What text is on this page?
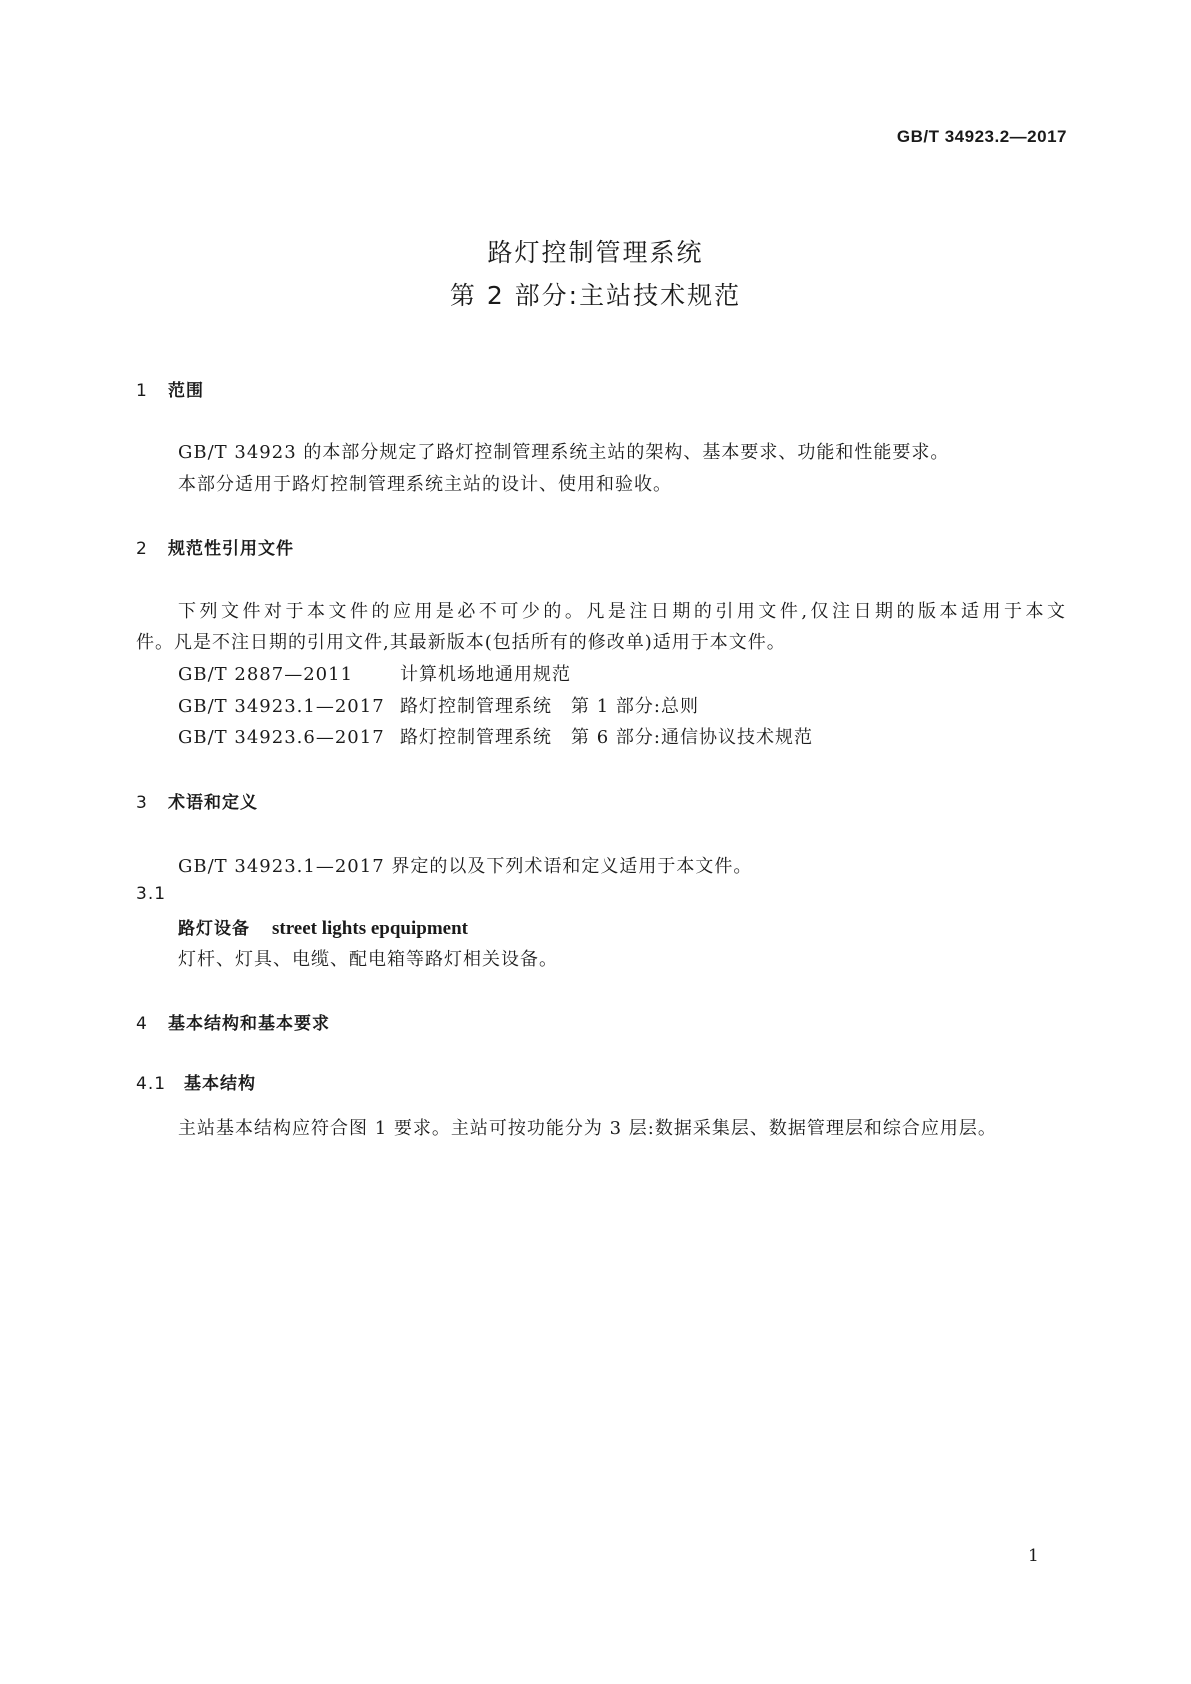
GB/T 34923.2—2017
路灯控制管理系统
第 2 部分:主站技术规范
1 范围
GB/T 34923 的本部分规定了路灯控制管理系统主站的架构、基本要求、功能和性能要求。
本部分适用于路灯控制管理系统主站的设计、使用和验收。
2 规范性引用文件
下列文件对于本文件的应用是必不可少的。凡是注日期的引用文件,仅注日期的版本适用于本文
件。凡是不注日期的引用文件,其最新版本(包括所有的修改单)适用于本文件。
GB/T 2887—2011	计算机场地通用规范
GB/T 34923.1—2017 路灯控制管理系统　第 1 部分:总则
GB/T 34923.6—2017 路灯控制管理系统　第 6 部分:通信协议技术规范
3 术语和定义
GB/T 34923.1—2017 界定的以及下列术语和定义适用于本文件。
3.1
路灯设备 street lights epquipment
灯杆、灯具、电缆、配电箱等路灯相关设备。
4 基本结构和基本要求
4.1 基本结构
主站基本结构应符合图 1 要求。主站可按功能分为 3 层:数据采集层、数据管理层和综合应用层。
1
